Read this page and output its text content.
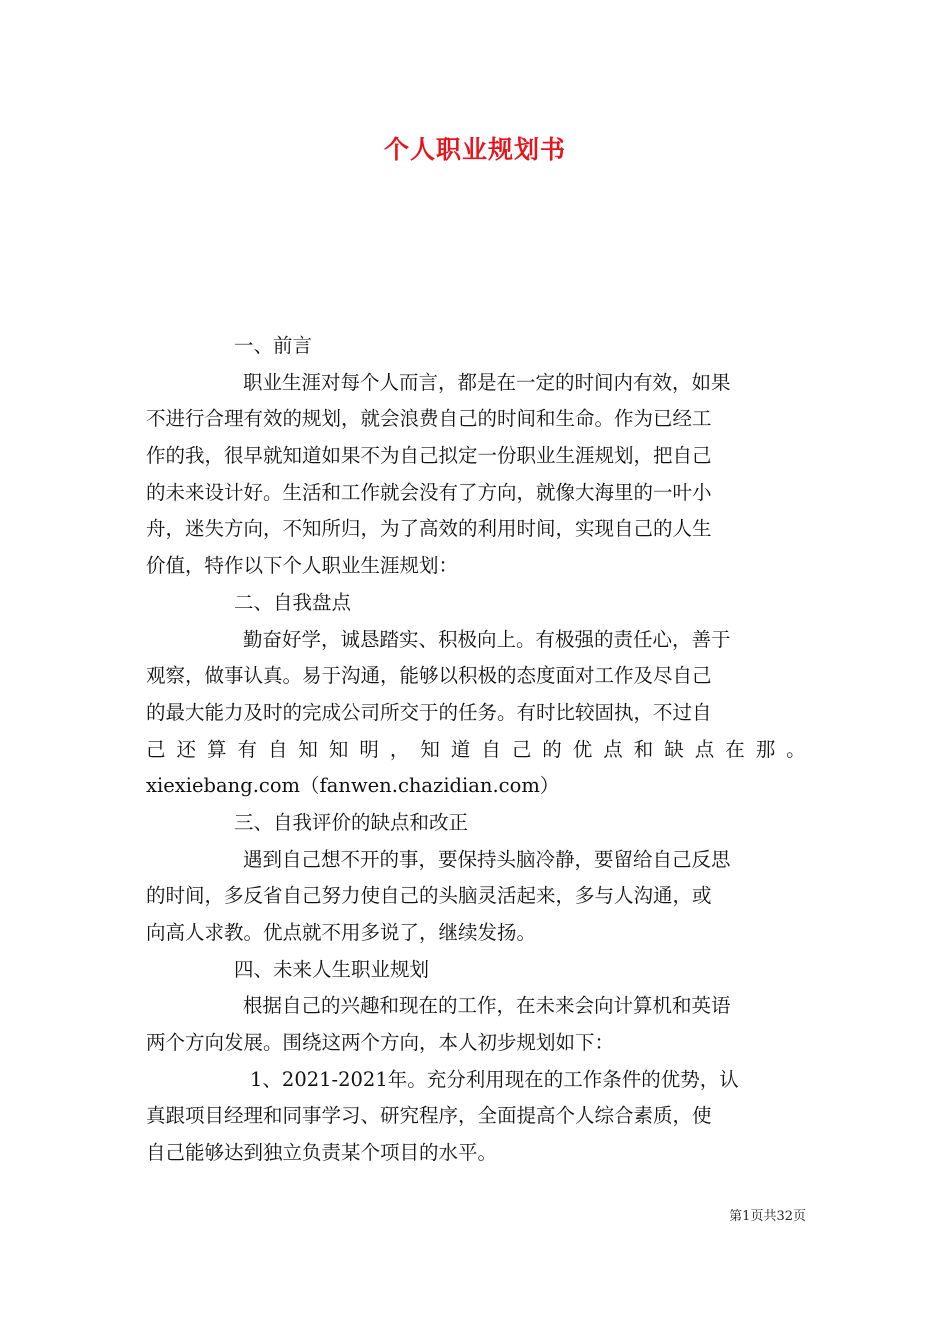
个人职业规划书
一、前言
职业生涯对每个人而言，都是在一定的时间内有效，如果
不进行合理有效的规划，就会浪费自己的时间和生命。作为已经工
作的我，很早就知道如果不为自己拟定一份职业生涯规划，把自己
的未来设计好。生活和工作就会没有了方向，就像大海里的一叶小
舟，迷失方向，不知所归，为了高效的利用时间，实现自己的人生
价值，特作以下个人职业生涯规划：
二、自我盘点
勤奋好学，诚恳踏实、积极向上。有极强的责任心，善于
观察，做事认真。易于沟通，能够以积极的态度面对工作及尽自己
的最大能力及时的完成公司所交于的任务。有时比较固执，不过自
己 还 算 有 自 知 知 明 ， 知 道 自 己 的 优 点 和 缺 点 在 那 。
xiexiebang.com（fanwen.chazidian.com）
三、自我评价的缺点和改正
遇到自己想不开的事，要保持头脑冷静，要留给自己反思
的时间，多反省自己努力使自己的头脑灵活起来，多与人沟通，或
向高人求教。优点就不用多说了，继续发扬。
四、未来人生职业规划
根据自己的兴趣和现在的工作，在未来会向计算机和英语
两个方向发展。围绕这两个方向，本人初步规划如下：
1、2021-2021年。充分利用现在的工作条件的优势，认
真跟项目经理和同事学习、研究程序，全面提高个人综合素质，使
自己能够达到独立负责某个项目的水平。
第1页共32页
